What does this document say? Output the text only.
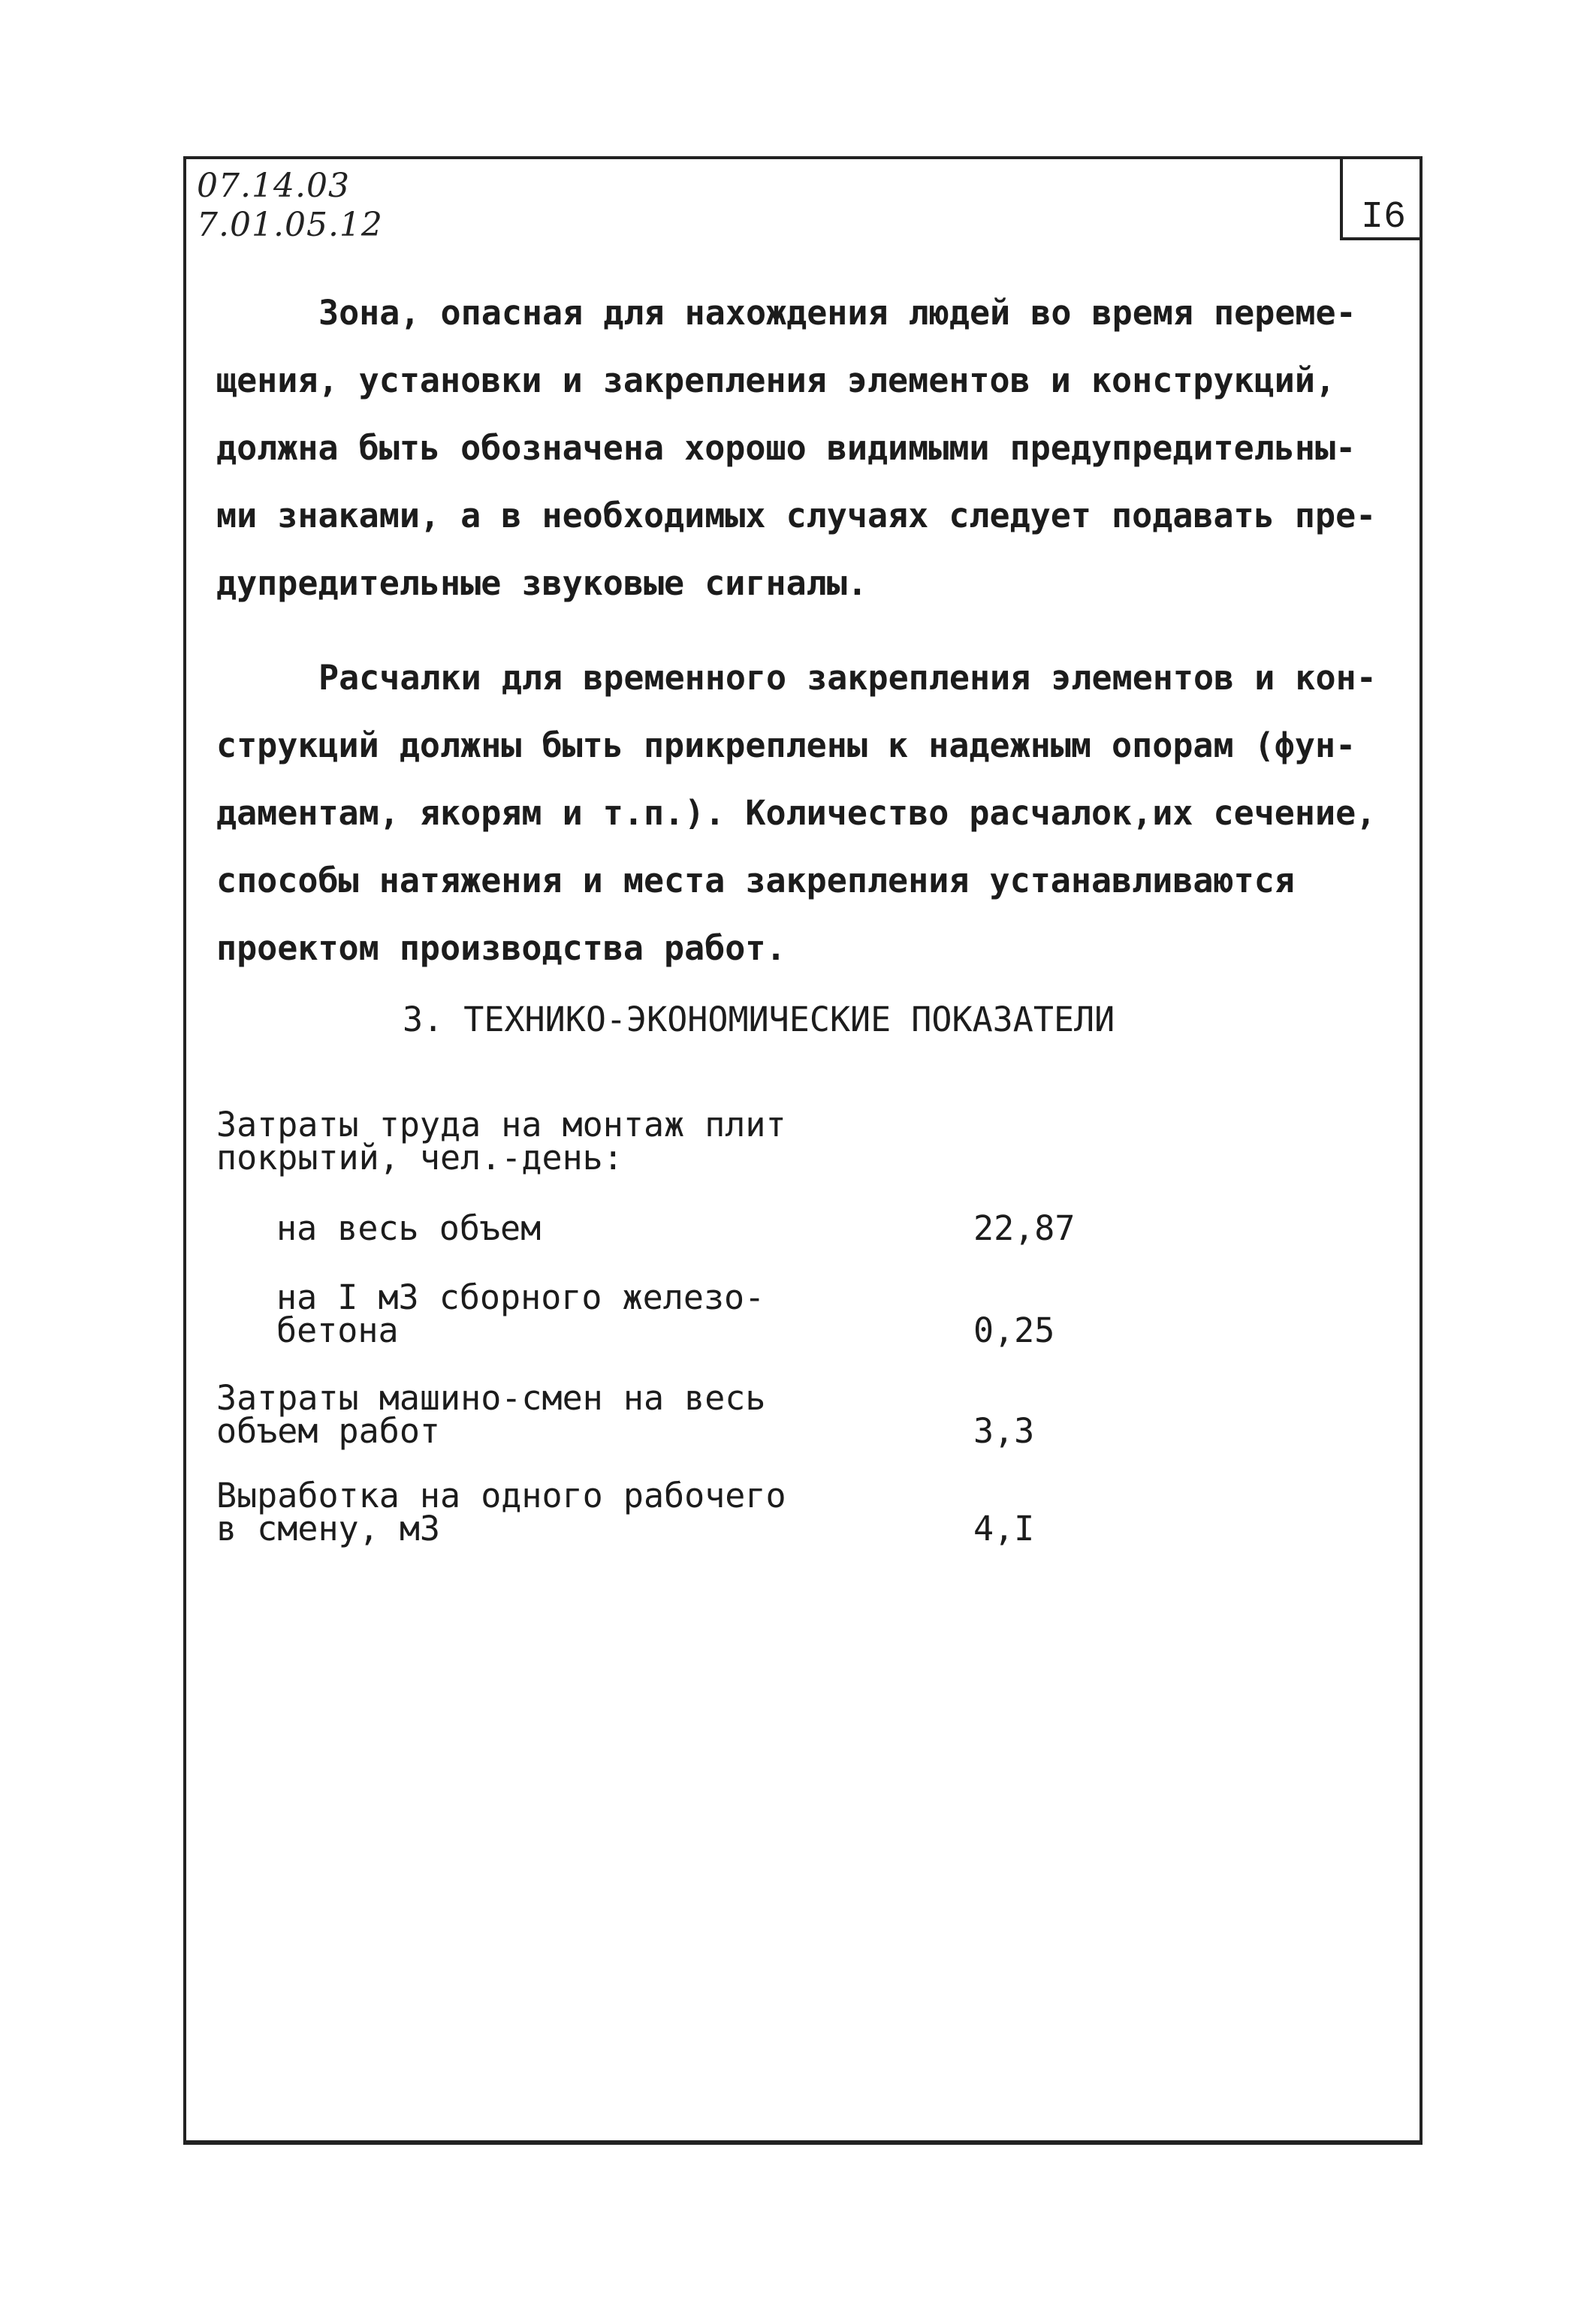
07.14.03
7.01.05.12	I6
Зона, опасная для нахождения людей во время переме-
щения, установки и закрепления элементов и конструкций,
должна быть обозначена хорошо видимыми предупредительны-
ми знаками, а в необходимых случаях следует подавать пре-
дупредительные звуковые сигналы.
Расчалки для временного закрепления элементов и кон-
струкций должны быть прикреплены к надежным опорам (фун-
даментам, якорям и т.п.). Количество расчалок,их сечение,
способы натяжения и места закрепления устанавливаются
проектом производства работ.
3. ТЕХНИКО-ЭКОНОМИЧЕСКИЕ ПОКАЗАТЕЛИ
Затраты труда на монтаж плит
покрытий, чел.-день:
на весь объем	22,87
на I м3 сборного железо-
бетона	0,25
Затраты машино-смен на весь
объем работ	3,3
Выработка на одного рабочего
в смену, м3	4,I
